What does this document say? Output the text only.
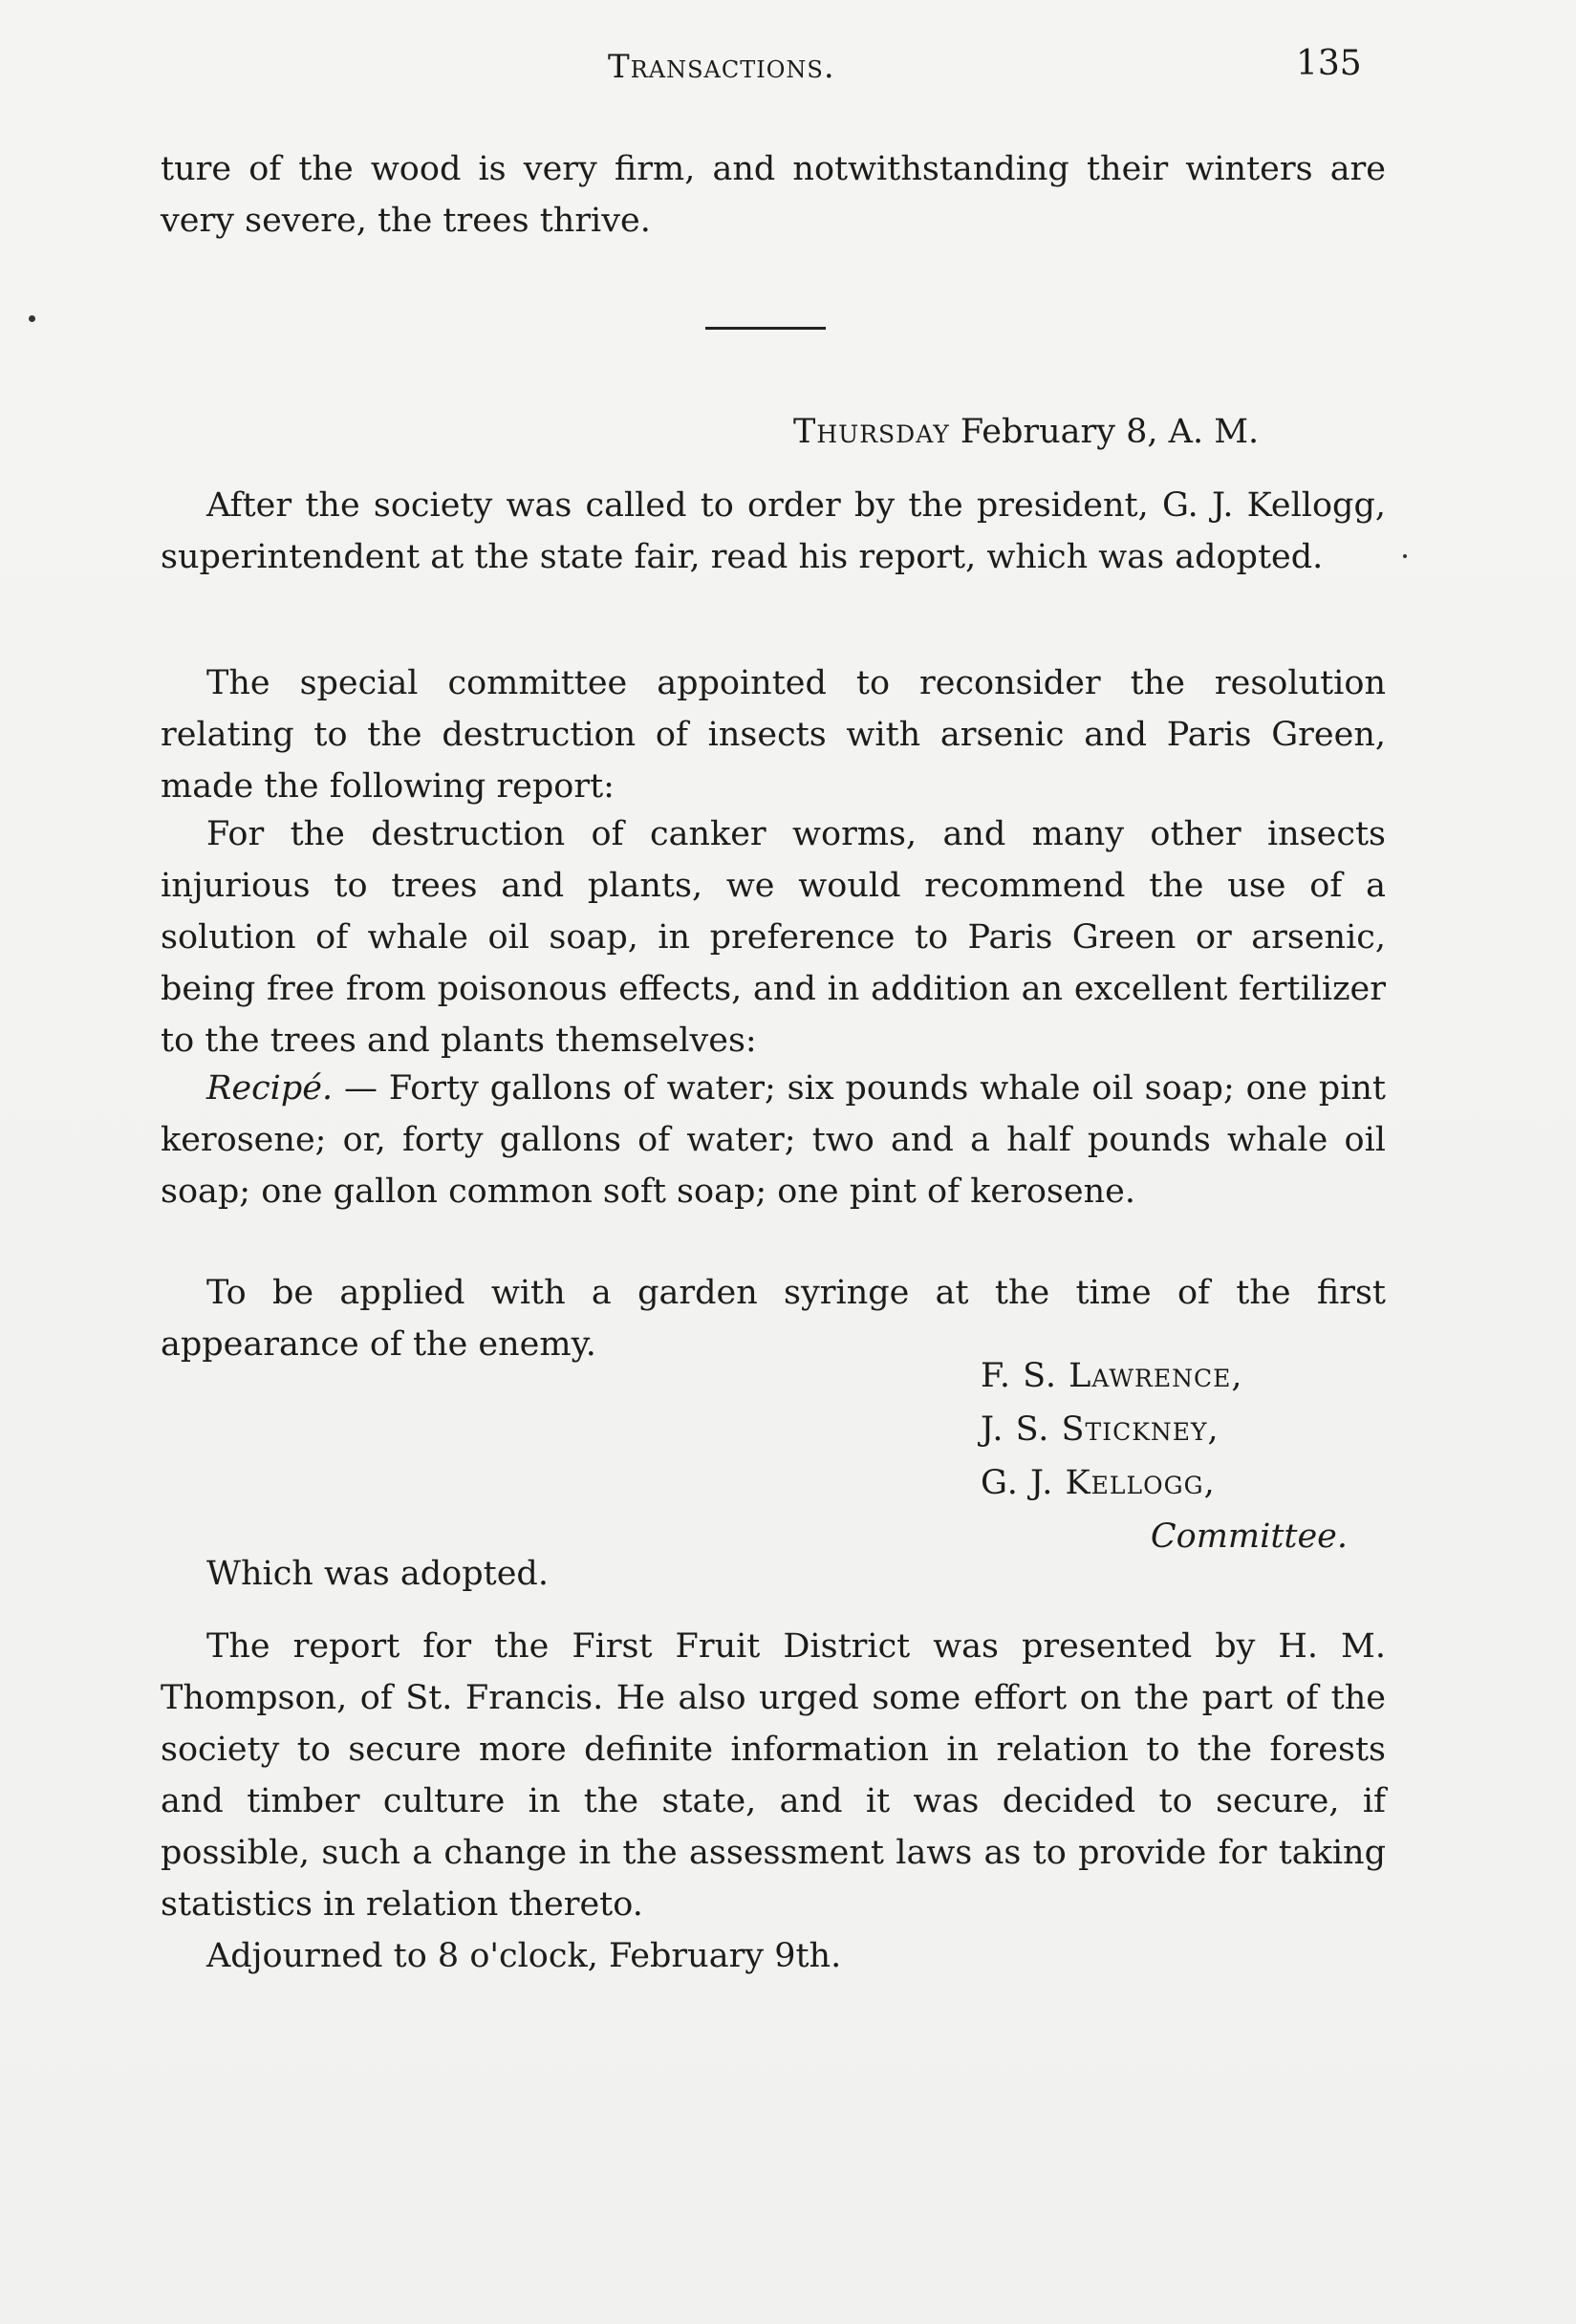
Transactions.	135

ture of the wood is very firm, and notwithstanding their winters are very severe, the trees thrive.

Thursday February 8, A. M.

After the society was called to order by the president, G. J. Kellogg, superintendent at the state fair, read his report, which was adopted.

The special committee appointed to reconsider the resolution relating to the destruction of insects with arsenic and Paris Green, made the following report:

For the destruction of canker worms, and many other insects injurious to trees and plants, we would recommend the use of a solution of whale oil soap, in preference to Paris Green or arsenic, being free from poisonous effects, and in addition an excellent fertilizer to the trees and plants themselves:

Recipé. — Forty gallons of water; six pounds whale oil soap; one pint kerosene; or, forty gallons of water; two and a half pounds whale oil soap; one gallon common soft soap; one pint of kerosene.

To be applied with a garden syringe at the time of the first appearance of the enemy.

F. S. Lawrence,
J. S. Stickney,
G. J. Kellogg,
Committee.

Which was adopted.

The report for the First Fruit District was presented by H. M. Thompson, of St. Francis. He also urged some effort on the part of the society to secure more definite information in relation to the forests and timber culture in the state, and it was decided to secure, if possible, such a change in the assessment laws as to provide for taking statistics in relation thereto.

Adjourned to 8 o'clock, February 9th.
